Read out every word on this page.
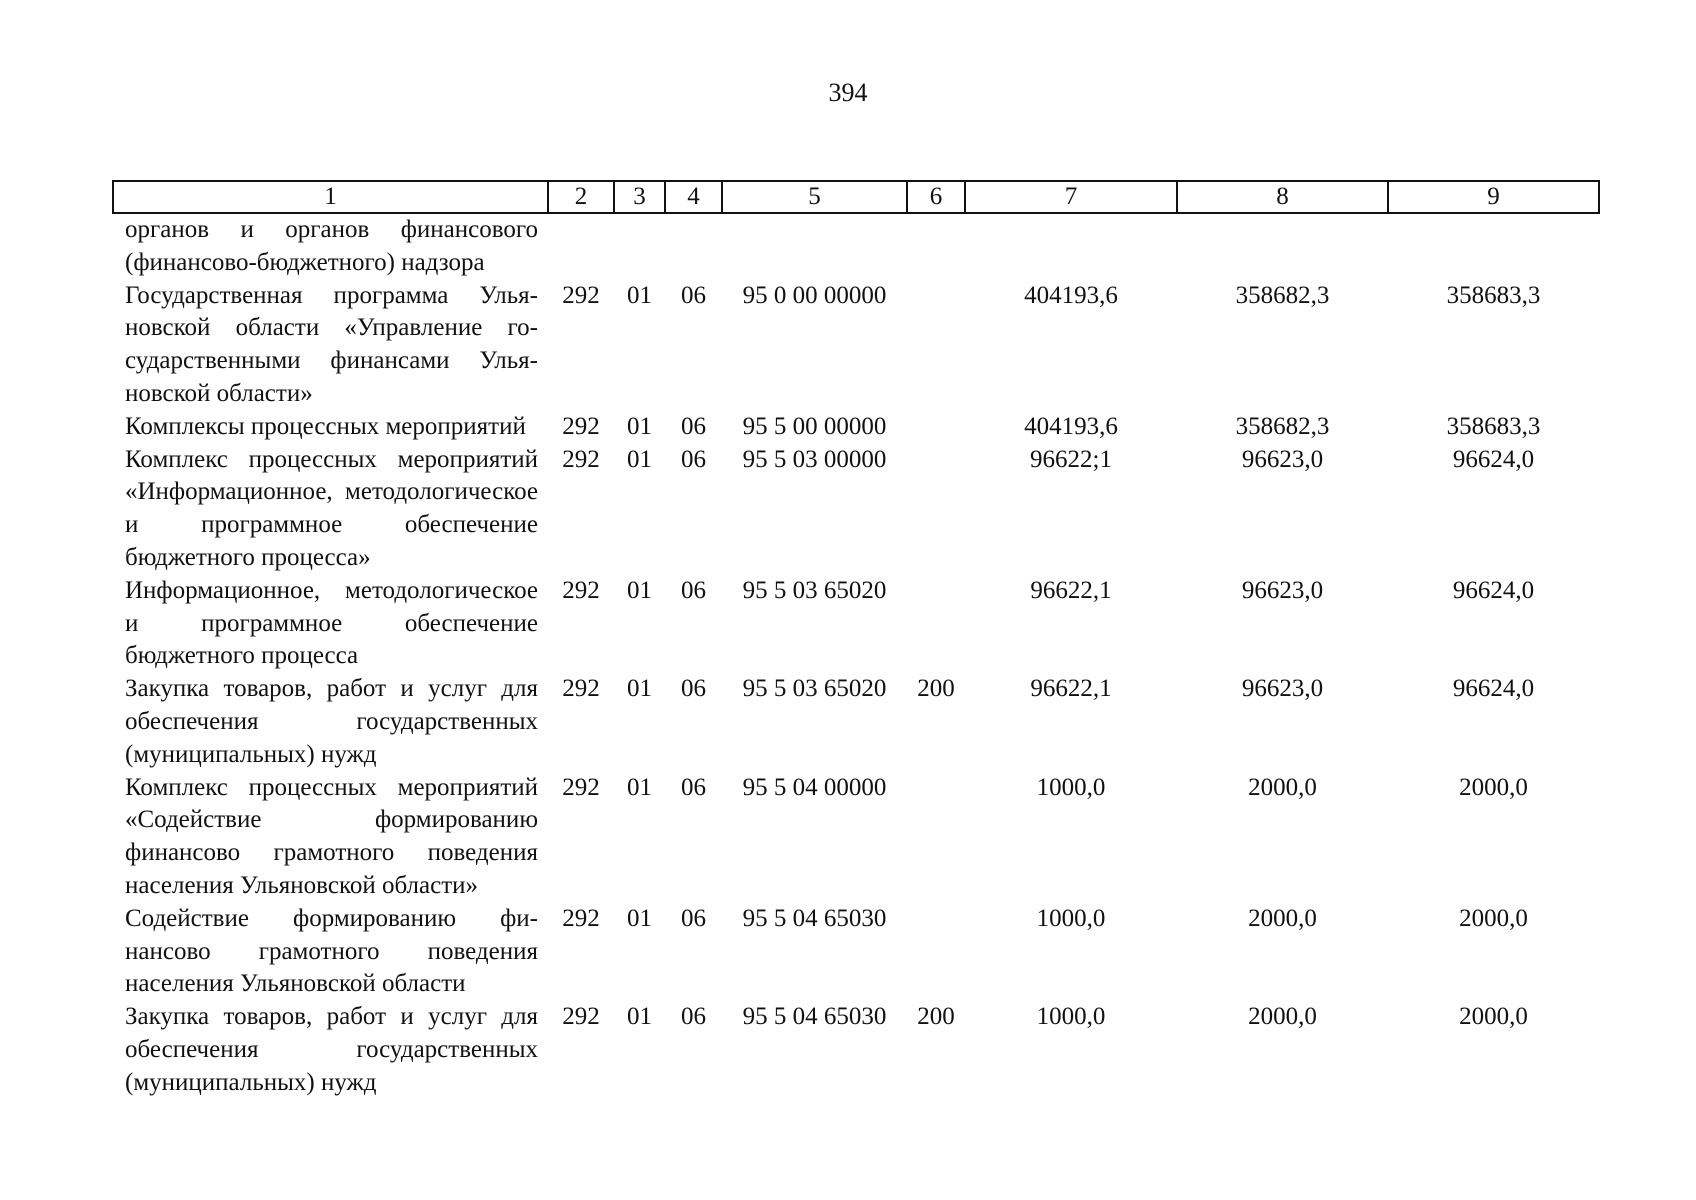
394
1	2	3	4	5	6	7	8	9
органов и органов финансового (финансово-бюджетного) надзора								
Государственная программа Ульяновской области «Управление государственными финансами Ульяновской области»	292	01	06	95 0 00 00000		404193,6	358682,3	358683,3
Комплексы процессных мероприятий	292	01	06	95 5 00 00000		404193,6	358682,3	358683,3
Комплекс процессных мероприятий «Информационное, методологическое и программное обеспечение бюджетного процесса»	292	01	06	95 5 03 00000		96622;1	96623,0	96624,0
Информационное, методологическое и программное обеспечение бюджетного процесса	292	01	06	95 5 03 65020		96622,1	96623,0	96624,0
Закупка товаров, работ и услуг для обеспечения государственных (муниципальных) нужд	292	01	06	95 5 03 65020	200	96622,1	96623,0	96624,0
Комплекс процессных мероприятий «Содействие формированию финансово грамотного поведения населения Ульяновской области»	292	01	06	95 5 04 00000		1000,0	2000,0	2000,0
Содействие формированию финансово грамотного поведения населения Ульяновской области	292	01	06	95 5 04 65030		1000,0	2000,0	2000,0
Закупка товаров, работ и услуг для обеспечения государственных (муниципальных) нужд	292	01	06	95 5 04 65030	200	1000,0	2000,0	2000,0
